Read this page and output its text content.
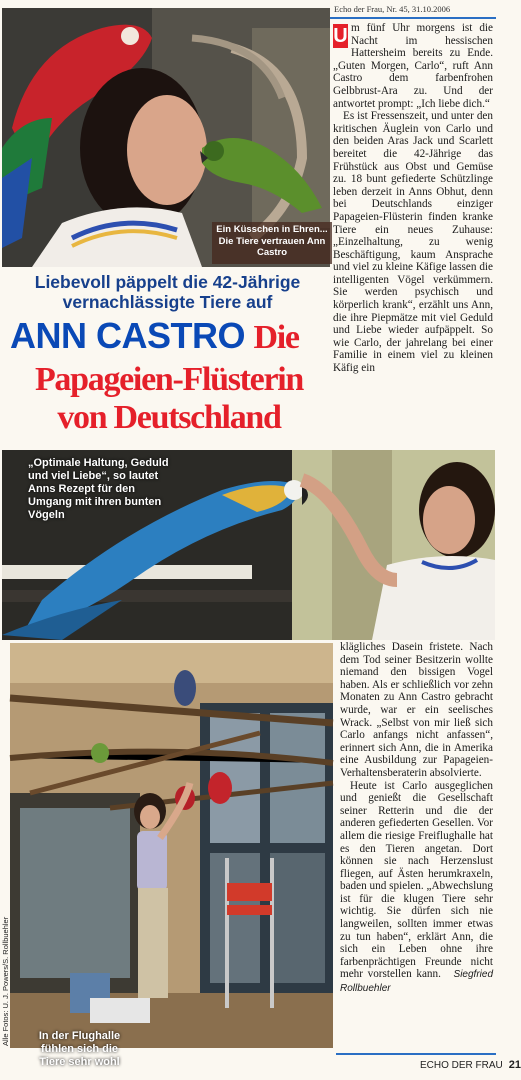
Echo der Frau, Nr. 45, 31.10.2006
Ein Küsschen in Ehren... Die Tiere vertrauen Ann Castro
Liebevoll päppelt die 42-Jährige vernachlässigte Tiere auf
ANN CASTRO Die
Papageien-Flüsterin
von Deutschland

U m fünf Uhr morgens ist die Nacht im hessischen Hattersheim bereits zu Ende. „Guten Morgen, Carlo“, ruft Ann Castro dem farbenfrohen Gelbbrust-Ara zu. Und der antwortet prompt: „Ich liebe dich.“

Es ist Fressenszeit, und unter den kritischen Äuglein von Carlo und den beiden Aras Jack und Scarlett bereitet die 42-Jährige das Frühstück aus Obst und Gemüse zu. 18 bunt gefiederte Schützlinge leben derzeit in Anns Obhut, denn bei Deutschlands einziger Papageien-Flüsterin finden kranke Tiere ein neues Zuhause: „Einzelhaltung, zu wenig Beschäftigung, kaum Ansprache und viel zu kleine Käfige lassen die intelligenten Vögel verkümmern. Sie werden psychisch und körperlich krank“, erzählt uns Ann, die ihre Piepmätze mit viel Geduld und Liebe wieder aufpäppelt. So wie Carlo, der jahrelang bei einer Familie in einem viel zu kleinen Käfig ein

„Optimale Haltung, Geduld und viel Liebe“, so lautet Anns Rezept für den Umgang mit ihren bunten Vögeln
In der Flughalle fühlen sich die Tiere sehr wohl
Alle Fotos: U. J. Powers/S. Rollbuehler

klägliches Dasein fristete. Nach dem Tod seiner Besitzerin wollte niemand den bissigen Vogel haben. Als er schließlich vor zehn Monaten zu Ann Castro gebracht wurde, war er ein seelisches Wrack. „Selbst von mir ließ sich Carlo anfangs nicht anfassen“, erinnert sich Ann, die in Amerika eine Ausbildung zur Papageien-Verhaltensberaterin absolvierte.

Heute ist Carlo ausgeglichen und genießt die Gesellschaft seiner Retterin und die der anderen gefiederten Gesellen. Vor allem die riesige Freiflughalle hat es den Tieren angetan. Dort können sie nach Herzenslust fliegen, auf Ästen herumkraxeln, baden und spielen. „Abwechslung ist für die klugen Tiere sehr wichtig. Sie dürfen sich nie langweilen, sollten immer etwas zu tun haben“, erklärt Ann, die sich ein Leben ohne ihre farbenprächtigen Freunde nicht mehr vorstellen kann. Siegfried Rollbuehler

ECHO DER FRAU 21
